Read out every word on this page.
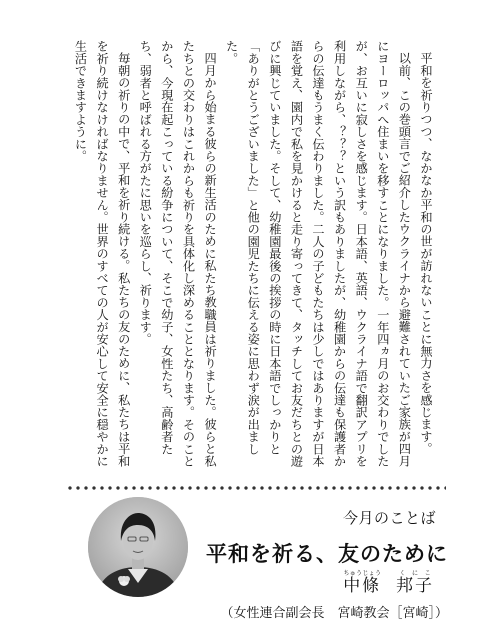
平和を祈りつつ、なかなか平和の世が訪れないことに無力さを感じます。

以前、この巻頭言でご紹介したウクライナから避難されていたご家族が四月にヨーロッパへ住まいを移すことになりました。一年四ヵ月のお交わりでしたが、お互いに寂しさを感じます。日本語、英語、ウクライナ語で翻訳アプリを利用しながら、？？？という訳もありましたが、幼稚園からの伝達も保護者からの伝達もうまく伝わりました。二人の子どもたちは少しではありますが日本語を覚え、園内で私を見かけると走り寄ってきて、タッチしてお友だちとの遊びに興じていました。そして、幼稚園最後の挨拶の時に日本語でしっかりと「ありがとうございました」と他の園児たちに伝える姿に思わず涙が出ました。

四月から始まる彼らの新生活のために私たち教職員は祈りました。彼らと私たちとの交わりはこれからも祈りを具体化し深めることとなります。そのことから、今現在起こっている紛争について、そこで幼子、女性たち、高齢者たち、弱者と呼ばれる方がたに思いを巡らし、祈ります。

毎朝の祈りの中で、平和を祈り続ける。私たちの友のために、私たちは平和を祈り続けなければなりません。世界のすべての人が安心して安全に穏やかに生活できますように。

今月のことば
平和を祈る、友のために
中條ちゅうじょう  邦子くにこ
（女性連合副会長　宮崎教会［宮崎］）
